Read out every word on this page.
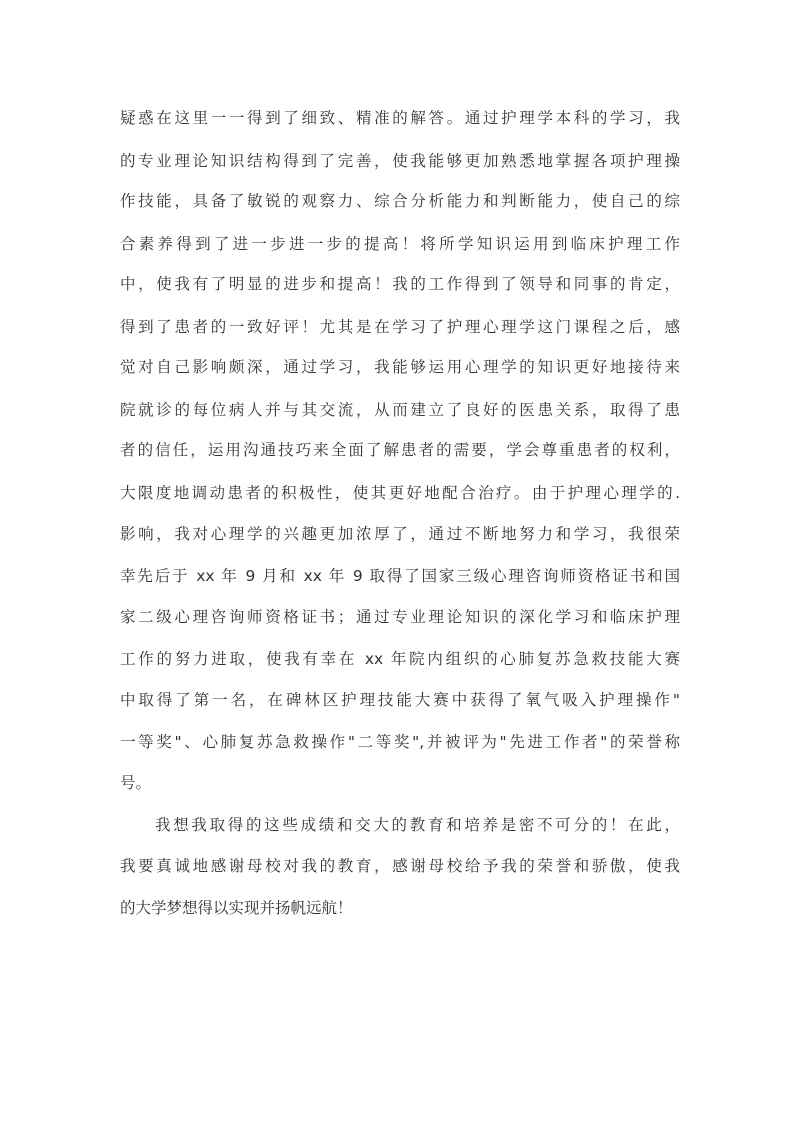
疑惑在这里一一得到了细致、精准的解答。通过护理学本科的学习，我
的专业理论知识结构得到了完善，使我能够更加熟悉地掌握各项护理操
作技能，具备了敏锐的观察力、综合分析能力和判断能力，使自己的综
合素养得到了进一步进一步的提高！将所学知识运用到临床护理工作
中，使我有了明显的进步和提高！我的工作得到了领导和同事的肯定，
得到了患者的一致好评！尤其是在学习了护理心理学这门课程之后，感
觉对自己影响颇深，通过学习，我能够运用心理学的知识更好地接待来
院就诊的每位病人并与其交流，从而建立了良好的医患关系，取得了患
者的信任，运用沟通技巧来全面了解患者的需要，学会尊重患者的权利，
大限度地调动患者的积极性，使其更好地配合治疗。由于护理心理学的.
影响，我对心理学的兴趣更加浓厚了，通过不断地努力和学习，我很荣
幸先后于 xx 年 9 月和 xx 年 9 取得了国家三级心理咨询师资格证书和国
家二级心理咨询师资格证书；通过专业理论知识的深化学习和临床护理
工作的努力进取，使我有幸在 xx 年院内组织的心肺复苏急救技能大赛
中取得了第一名，在碑林区护理技能大赛中获得了氧气吸入护理操作"
一等奖"、心肺复苏急救操作"二等奖",并被评为"先进工作者"的荣誉称
号。
我想我取得的这些成绩和交大的教育和培养是密不可分的！在此，
我要真诚地感谢母校对我的教育，感谢母校给予我的荣誉和骄傲，使我
的大学梦想得以实现并扬帆远航！
